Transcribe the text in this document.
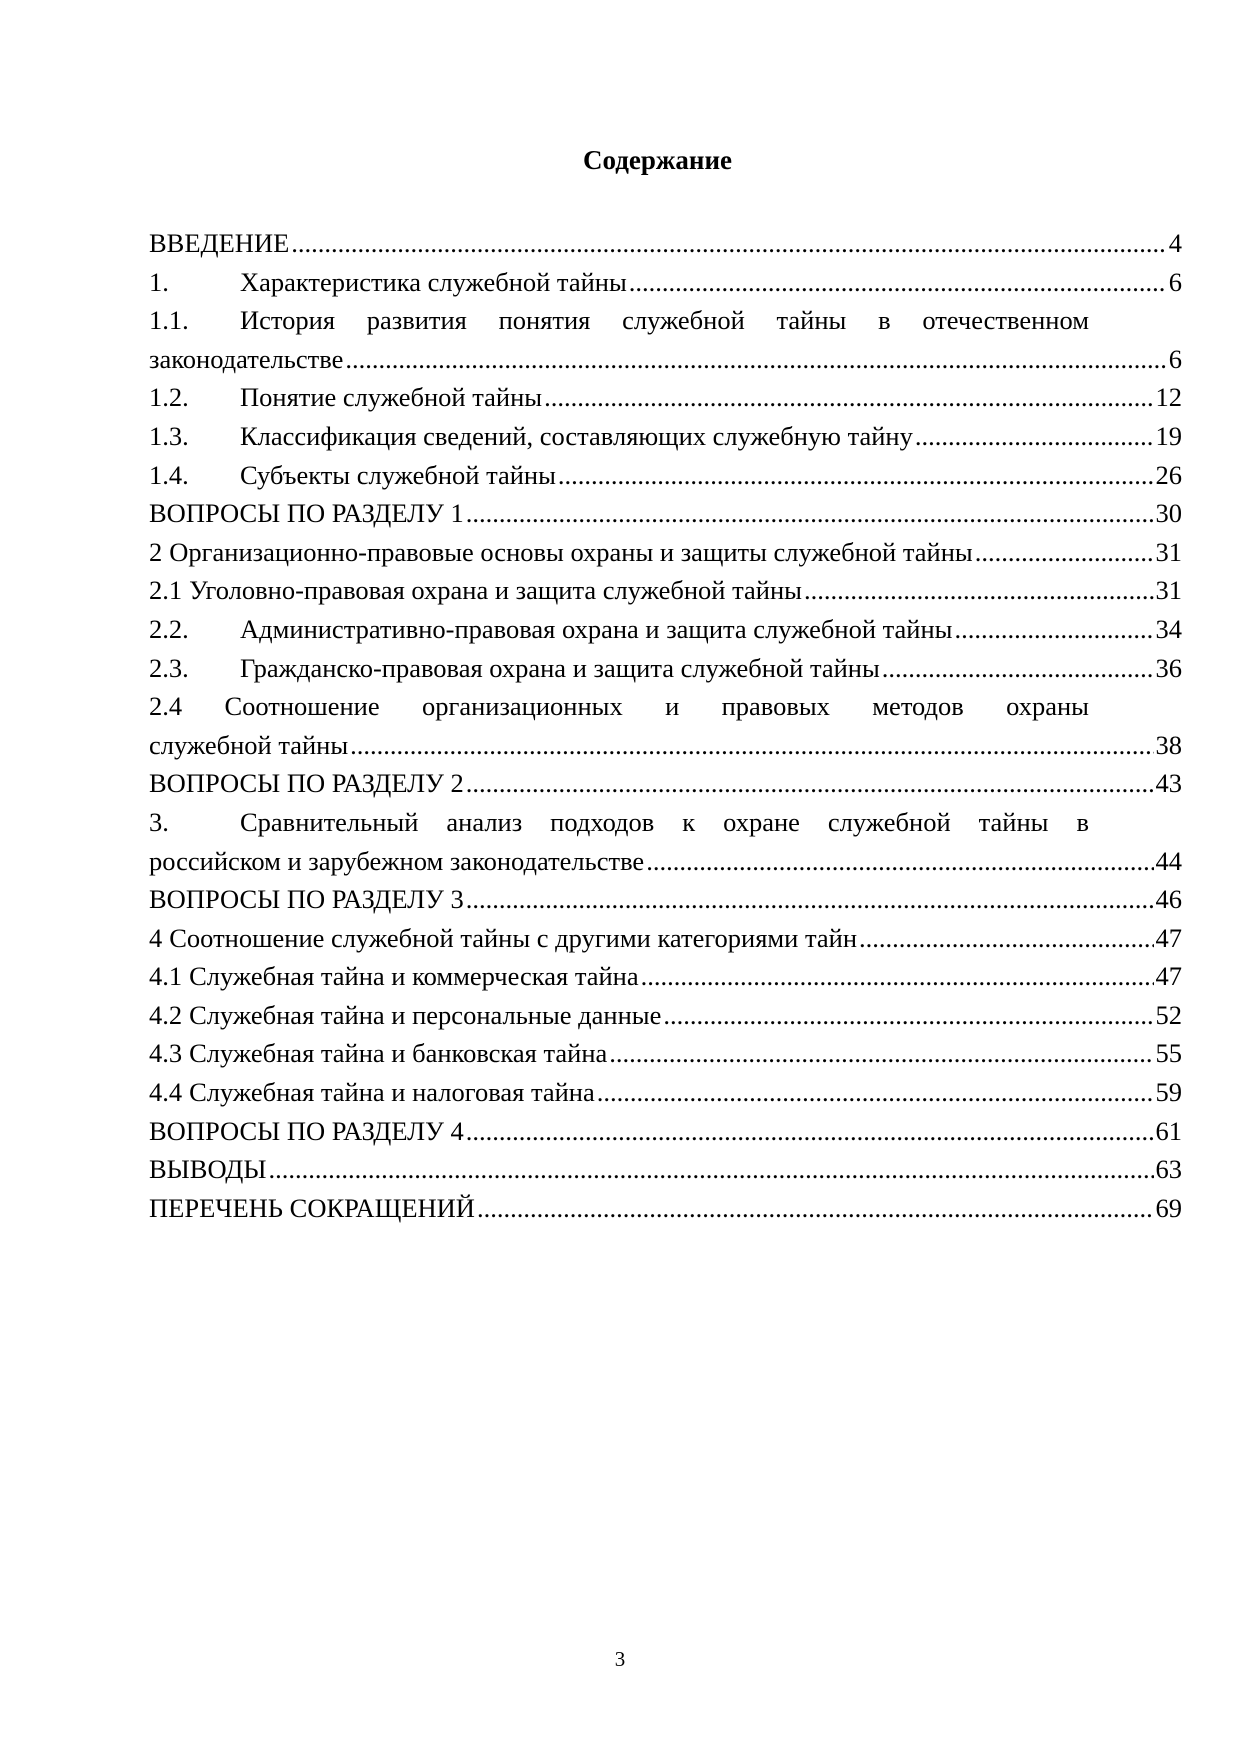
Содержание
ВВЕДЕНИЕ .....	4
1.	Характеристика служебной тайны .....	6
1.1.	История развития понятия служебной тайны в отечественном
законодательстве .....	6
1.2.	Понятие служебной тайны .....	12
1.3.	Классификация сведений, составляющих служебную тайну .....	19
1.4.	Субъекты служебной тайны .....	26
ВОПРОСЫ ПО РАЗДЕЛУ 1 .....	30
2 Организационно-правовые основы охраны и защиты служебной тайны .....	31
2.1 Уголовно-правовая охрана и защита служебной тайны .....	31
2.2.	Административно-правовая охрана и защита служебной тайны .....	34
2.3.	Гражданско-правовая охрана и защита служебной тайны .....	36
2.4 Соотношение организационных и правовых методов охраны
служебной тайны .....	38
ВОПРОСЫ ПО РАЗДЕЛУ 2 .....	43
3.	Сравнительный анализ подходов к охране служебной тайны в
российском и зарубежном законодательстве .....	44
ВОПРОСЫ ПО РАЗДЕЛУ 3 .....	46
4 Соотношение служебной тайны с другими категориями тайн .....	47
4.1 Служебная тайна и коммерческая тайна .....	47
4.2 Служебная тайна и персональные данные .....	52
4.3 Служебная тайна и банковская тайна .....	55
4.4 Служебная тайна и налоговая тайна .....	59
ВОПРОСЫ ПО РАЗДЕЛУ 4 .....	61
ВЫВОДЫ .....	63
ПЕРЕЧЕНЬ СОКРАЩЕНИЙ .....	69
3
